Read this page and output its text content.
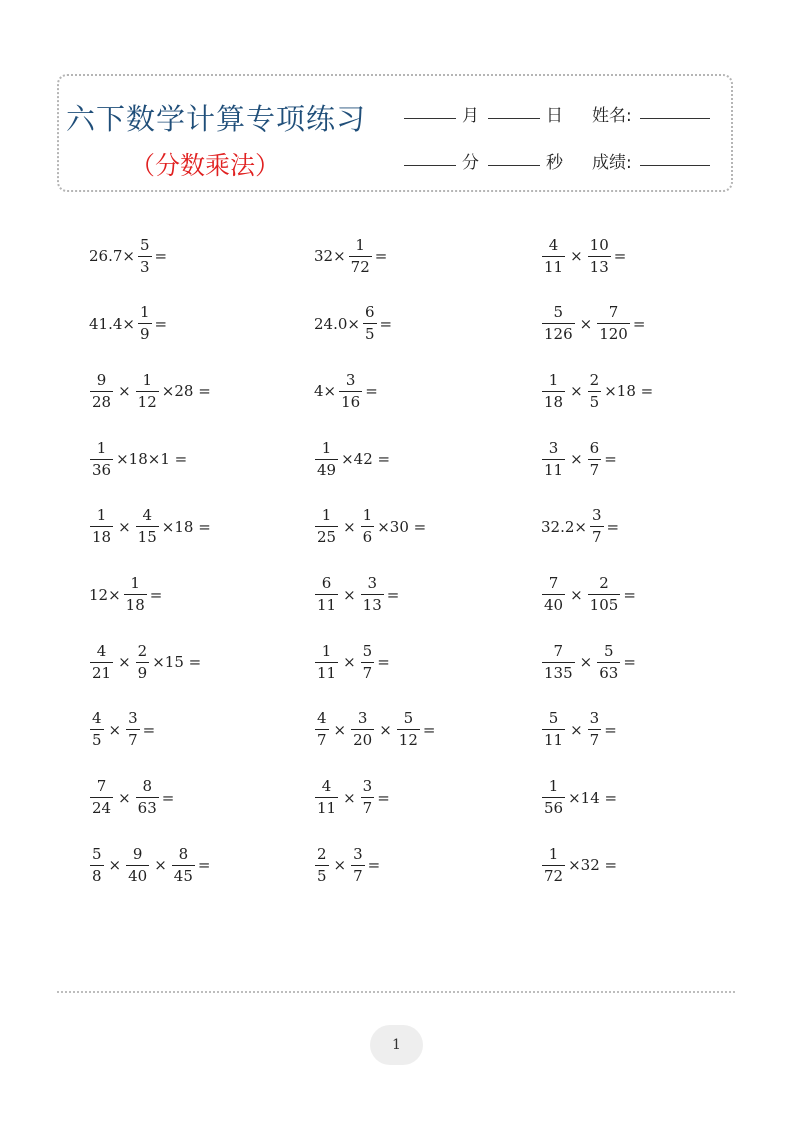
六下数学计算专项练习
（分数乘法）
月	日 姓名:
分	秒 成绩:
$26.7\times \frac{5}{3}$ =
$41.4\times \frac{1}{9}$ =
$\frac{9}{28} \times \frac{1}{12} \times 28$ =
$\frac{1}{36} \times 18\times 1$ =
$\frac{1}{18} \times \frac{4}{15} \times 18$ =
$12\times \frac{1}{18}$ =
$\frac{4}{21} \times \frac{2}{9} \times 15$ =
$\frac{4}{5} \times \frac{3}{7}$ =
$\frac{7}{24} \times \frac{8}{63}$ =
$\frac{5}{8} \times \frac{9}{40} \times \frac{8}{45}$ =
$32\times \frac{1}{72}$ =
$24.0\times \frac{6}{5}$ =
$4\times \frac{3}{16}$ =
$\frac{1}{49} \times 42$ =
$\frac{1}{25} \times \frac{1}{6} \times 30$ =
$\frac{6}{11} \times \frac{3}{13}$ =
$\frac{1}{11} \times \frac{5}{7}$ =
$\frac{4}{7} \times \frac{3}{20} \times \frac{5}{12}$ =
$\frac{4}{11} \times \frac{3}{7}$ =
$\frac{2}{5} \times \frac{3}{7}$ =
$\frac{4}{11} \times \frac{10}{13}$ =
$\frac{5}{126} \times \frac{7}{120}$ =
$\frac{1}{18} \times \frac{2}{5} \times 18$ =
$\frac{3}{11} \times \frac{6}{7}$ =
$32.2\times \frac{3}{7}$ =
$\frac{7}{40} \times \frac{2}{105}$ =
$\frac{7}{135} \times \frac{5}{63}$ =
$\frac{5}{11} \times \frac{3}{7}$ =
$\frac{1}{56} \times 14$ =
$\frac{1}{72} \times 32$ =
1
